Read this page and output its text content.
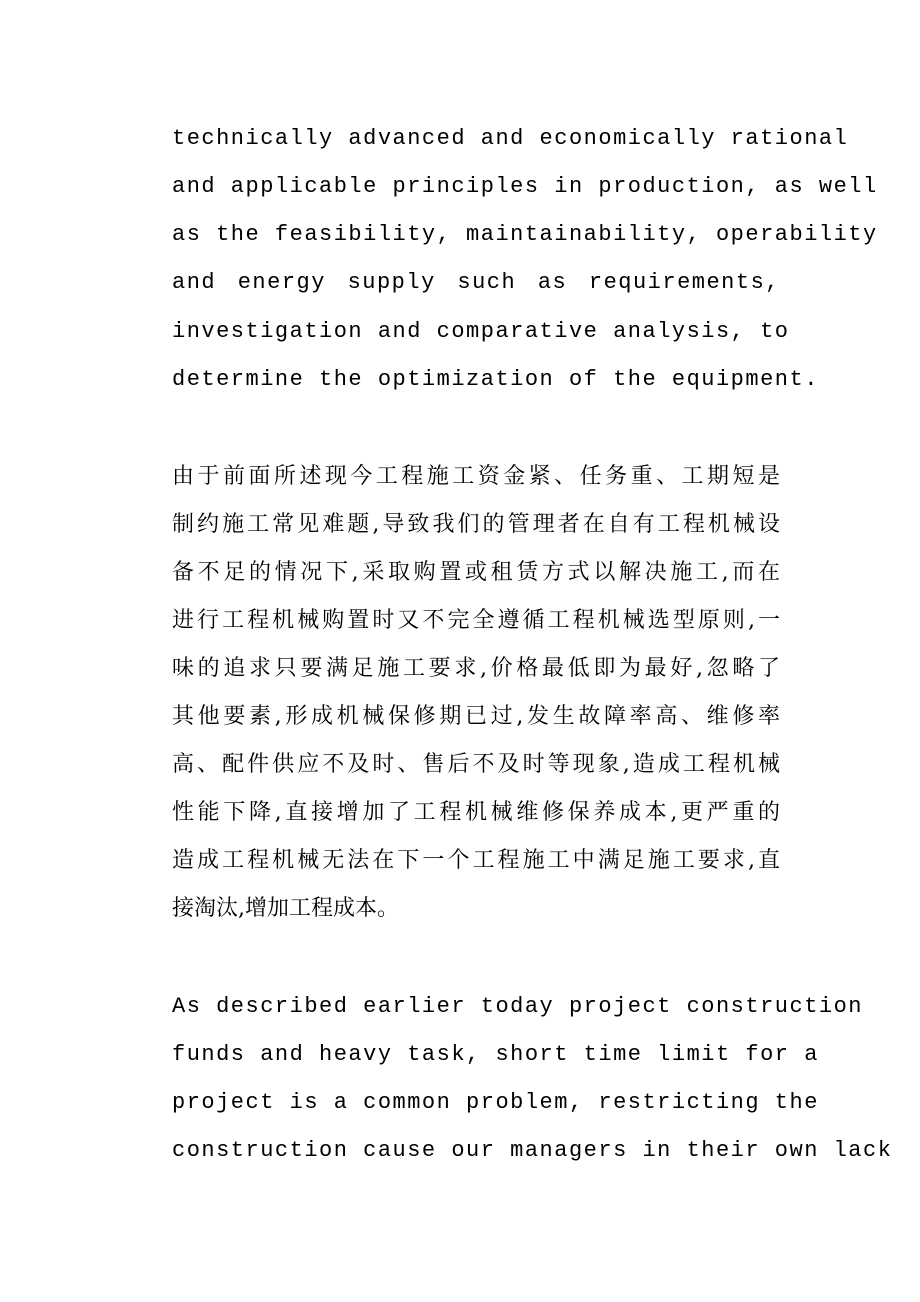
technically advanced and economically rational
and applicable principles in production, as well
as the feasibility, maintainability, operability
and energy supply such as requirements,
investigation and comparative analysis, to
determine the optimization of the equipment.
由于前面所述现今工程施工资金紧、任务重、工期短是
制约施工常见难题,导致我们的管理者在自有工程机械设
备不足的情况下,采取购置或租赁方式以解决施工,而在
进行工程机械购置时又不完全遵循工程机械选型原则,一
味的追求只要满足施工要求,价格最低即为最好,忽略了
其他要素,形成机械保修期已过,发生故障率高、维修率
高、配件供应不及时、售后不及时等现象,造成工程机械
性能下降,直接增加了工程机械维修保养成本,更严重的
造成工程机械无法在下一个工程施工中满足施工要求,直
接淘汰,增加工程成本。
As described earlier today project construction
funds and heavy task, short time limit for a
project is a common problem, restricting the
construction cause our managers in their own lack
